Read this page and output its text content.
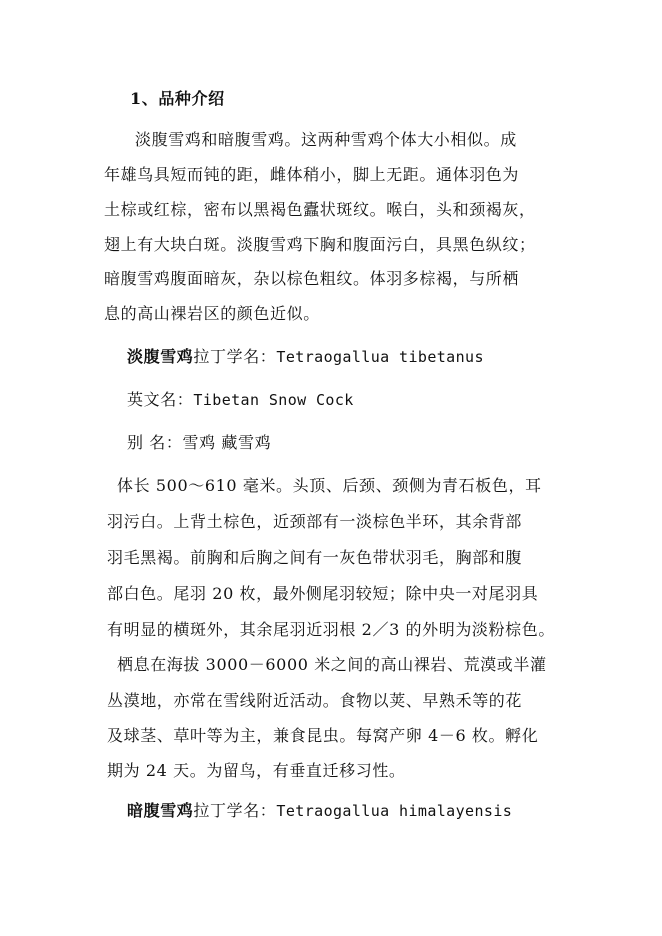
1、品种介绍
淡腹雪鸡和暗腹雪鸡。这两种雪鸡个体大小相似。成
年雄鸟具短而钝的距，雌体稍小，脚上无距。通体羽色为
土棕或红棕，密布以黑褐色蠹状斑纹。喉白，头和颈褐灰，
翅上有大块白斑。淡腹雪鸡下胸和腹面污白，具黑色纵纹；
暗腹雪鸡腹面暗灰，杂以棕色粗纹。体羽多棕褐，与所栖
息的高山裸岩区的颜色近似。
淡腹雪鸡拉丁学名：Tetraogallua tibetanus
英文名：Tibetan Snow Cock
别 名：雪鸡 藏雪鸡
体长 500～610 毫米。头顶、后颈、颈侧为青石板色，耳
羽污白。上背土棕色，近颈部有一淡棕色半环，其余背部
羽毛黑褐。前胸和后胸之间有一灰色带状羽毛，胸部和腹
部白色。尾羽 20 枚，最外侧尾羽较短；除中央一对尾羽具
有明显的横斑外，其余尾羽近羽根 2／3 的外明为淡粉棕色。
栖息在海拔 3000－6000 米之间的高山裸岩、荒漠或半灌
丛漠地，亦常在雪线附近活动。食物以荚、早熟禾等的花
及球茎、草叶等为主，兼食昆虫。每窝产卵 4－6 枚。孵化
期为 24 天。为留鸟，有垂直迁移习性。
暗腹雪鸡拉丁学名：Tetraogallua himalayensis
